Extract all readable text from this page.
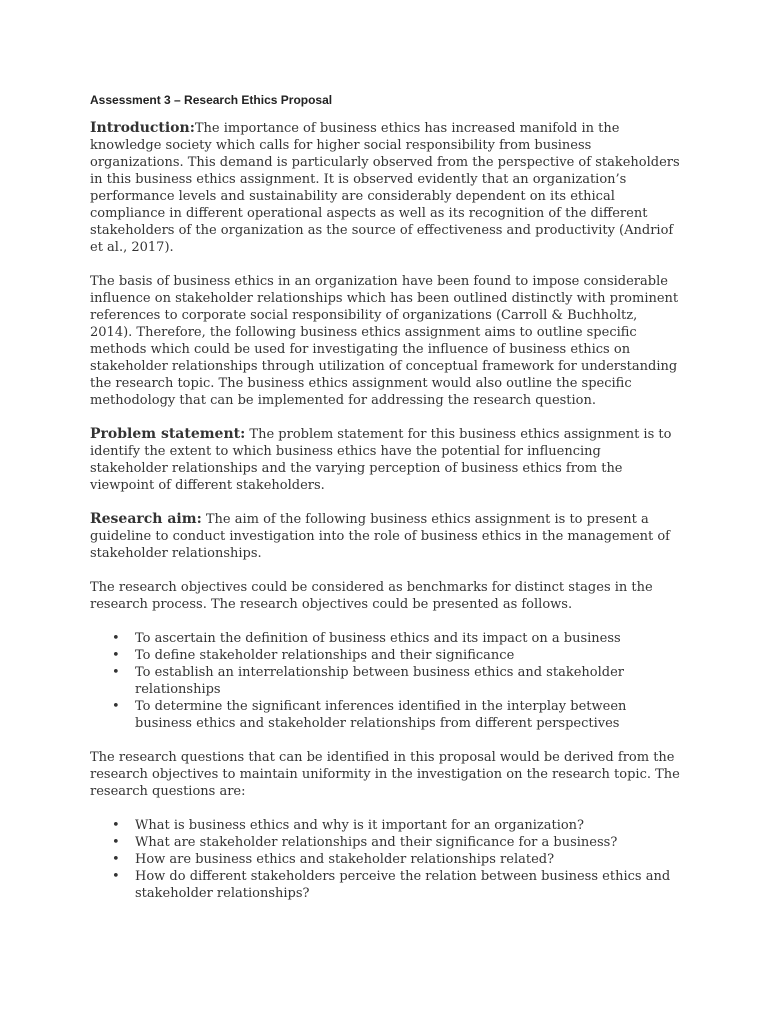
Assessment 3 – Research Ethics Proposal

Introduction:The importance of business ethics has increased manifold in the knowledge society which calls for higher social responsibility from business organizations. This demand is particularly observed from the perspective of stakeholders in this business ethics assignment. It is observed evidently that an organization’s performance levels and sustainability are considerably dependent on its ethical compliance in different operational aspects as well as its recognition of the different stakeholders of the organization as the source of effectiveness and productivity (Andriof et al., 2017).

The basis of business ethics in an organization have been found to impose considerable influence on stakeholder relationships which has been outlined distinctly with prominent references to corporate social responsibility of organizations (Carroll & Buchholtz, 2014). Therefore, the following business ethics assignment aims to outline specific methods which could be used for investigating the influence of business ethics on stakeholder relationships through utilization of conceptual framework for understanding the research topic. The business ethics assignment would also outline the specific methodology that can be implemented for addressing the research question.

Problem statement: The problem statement for this business ethics assignment is to identify the extent to which business ethics have the potential for influencing stakeholder relationships and the varying perception of business ethics from the viewpoint of different stakeholders.

Research aim: The aim of the following business ethics assignment is to present a guideline to conduct investigation into the role of business ethics in the management of stakeholder relationships.

The research objectives could be considered as benchmarks for distinct stages in the research process. The research objectives could be presented as follows.

• To ascertain the definition of business ethics and its impact on a business
• To define stakeholder relationships and their significance
• To establish an interrelationship between business ethics and stakeholder relationships
• To determine the significant inferences identified in the interplay between business ethics and stakeholder relationships from different perspectives

The research questions that can be identified in this proposal would be derived from the research objectives to maintain uniformity in the investigation on the research topic. The research questions are:

• What is business ethics and why is it important for an organization?
• What are stakeholder relationships and their significance for a business?
• How are business ethics and stakeholder relationships related?
• How do different stakeholders perceive the relation between business ethics and stakeholder relationships?
